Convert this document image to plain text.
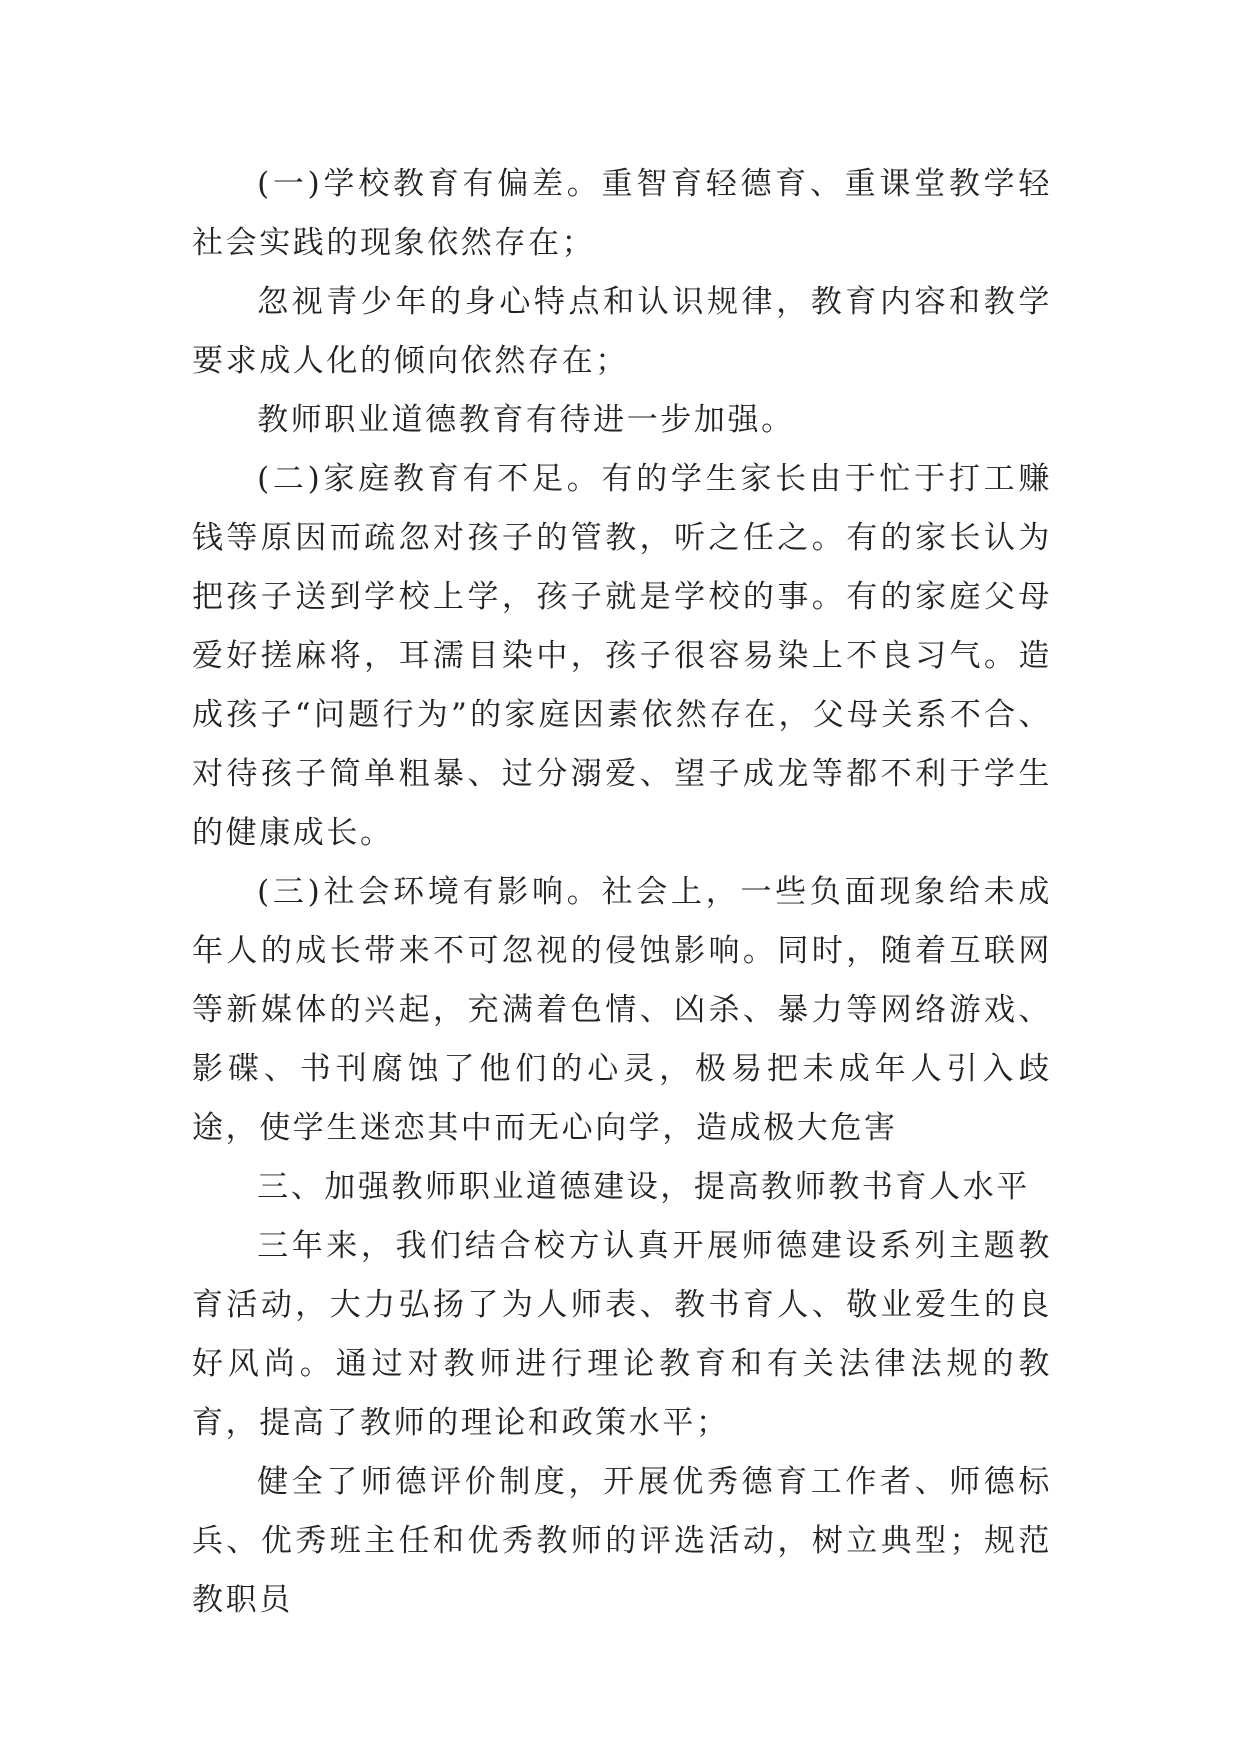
(一)学校教育有偏差。重智育轻德育、重课堂教学轻社会实践的现象依然存在；

忽视青少年的身心特点和认识规律，教育内容和教学要求成人化的倾向依然存在；

教师职业道德教育有待进一步加强。

(二)家庭教育有不足。有的学生家长由于忙于打工赚钱等原因而疏忽对孩子的管教，听之任之。有的家长认为把孩子送到学校上学，孩子就是学校的事。有的家庭父母爱好搓麻将，耳濡目染中，孩子很容易染上不良习气。造成孩子“问题行为”的家庭因素依然存在，父母关系不合、对待孩子简单粗暴、过分溺爱、望子成龙等都不利于学生的健康成长。

(三)社会环境有影响。社会上，一些负面现象给未成年人的成长带来不可忽视的侵蚀影响。同时，随着互联网等新媒体的兴起，充满着色情、凶杀、暴力等网络游戏、影碟、书刊腐蚀了他们的心灵，极易把未成年人引入歧途，使学生迷恋其中而无心向学，造成极大危害

三、加强教师职业道德建设，提高教师教书育人水平

三年来，我们结合校方认真开展师德建设系列主题教育活动，大力弘扬了为人师表、教书育人、敬业爱生的良好风尚。通过对教师进行理论教育和有关法律法规的教育，提高了教师的理论和政策水平；

健全了师德评价制度，开展优秀德育工作者、师德标兵、优秀班主任和优秀教师的评选活动，树立典型；规范教职员
